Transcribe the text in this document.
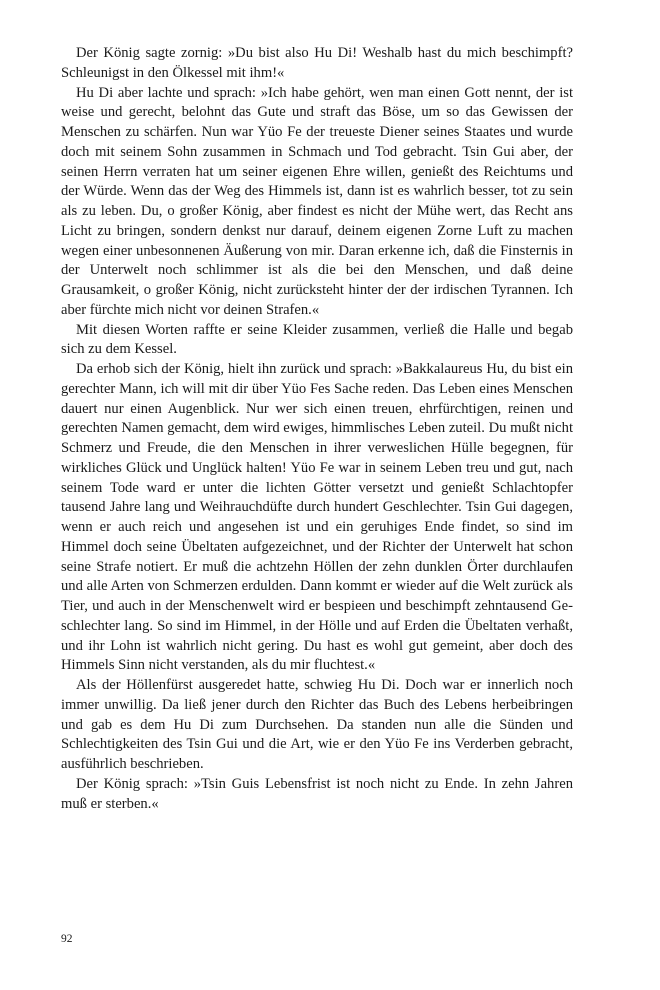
Der König sagte zornig: »Du bist also Hu Di! Weshalb hast du mich beschimpft? Schleunigst in den Ölkessel mit ihm!«

Hu Di aber lachte und sprach: »Ich habe gehört, wen man einen Gott nennt, der ist weise und gerecht, belohnt das Gute und straft das Böse, um so das Gewissen der Menschen zu schärfen. Nun war Yüo Fe der treueste Diener seines Staates und wurde doch mit seinem Sohn zusammen in Schmach und Tod gebracht. Tsin Gui aber, der seinen Herrn verraten hat um seiner eigenen Ehre willen, genießt des Reichtums und der Würde. Wenn das der Weg des Himmels ist, dann ist es wahrlich besser, tot zu sein als zu leben. Du, o großer König, aber findest es nicht der Mühe wert, das Recht ans Licht zu bringen, sondern denkst nur darauf, deinem eigenen Zorne Luft zu machen wegen einer unbesonnenen Äußerung von mir. Daran erkenne ich, daß die Finsternis in der Unterwelt noch schlimmer ist als die bei den Menschen, und daß deine Grausamkeit, o großer König, nicht zurücksteht hinter der der irdischen Tyrannen. Ich aber fürchte mich nicht vor deinen Strafen.«

Mit diesen Worten raffte er seine Kleider zusammen, verließ die Halle und begab sich zu dem Kessel.

Da erhob sich der König, hielt ihn zurück und sprach: »Bakkalaureus Hu, du bist ein gerechter Mann, ich will mit dir über Yüo Fes Sache reden. Das Leben eines Menschen dauert nur einen Augenblick. Nur wer sich einen treuen, ehrfürchtigen, reinen und gerechten Namen gemacht, dem wird ewiges, himmlisches Leben zuteil. Du mußt nicht Schmerz und Freude, die den Menschen in ihrer verweslichen Hülle begegnen, für wirkliches Glück und Unglück halten! Yüo Fe war in seinem Leben treu und gut, nach seinem Tode ward er unter die lichten Götter versetzt und genießt Schlachtopfer tausend Jahre lang und Weihrauchdüfte durch hundert Geschlechter. Tsin Gui dagegen, wenn er auch reich und angesehen ist und ein geruhiges Ende findet, so sind im Himmel doch seine Übeltaten aufgezeichnet, und der Richter der Unterwelt hat schon seine Strafe notiert. Er muß die achtzehn Höllen der zehn dunklen Örter durchlaufen und alle Arten von Schmerzen erdulden. Dann kommt er wieder auf die Welt zurück als Tier, und auch in der Menschenwelt wird er bespieen und beschimpft zehntausend Geschlechter lang. So sind im Himmel, in der Hölle und auf Erden die Übeltaten verhaßt, und ihr Lohn ist wahrlich nicht gering. Du hast es wohl gut gemeint, aber doch des Himmels Sinn nicht verstanden, als du mir fluchtest.«

Als der Höllenfürst ausgeredet hatte, schwieg Hu Di. Doch war er innerlich noch immer unwillig. Da ließ jener durch den Richter das Buch des Lebens herbeibringen und gab es dem Hu Di zum Durchsehen. Da standen nun alle die Sünden und Schlechtigkeiten des Tsin Gui und die Art, wie er den Yüo Fe ins Verderben gebracht, ausführlich beschrieben.

Der König sprach: »Tsin Guis Lebensfrist ist noch nicht zu Ende. In zehn Jahren muß er sterben.«

92
